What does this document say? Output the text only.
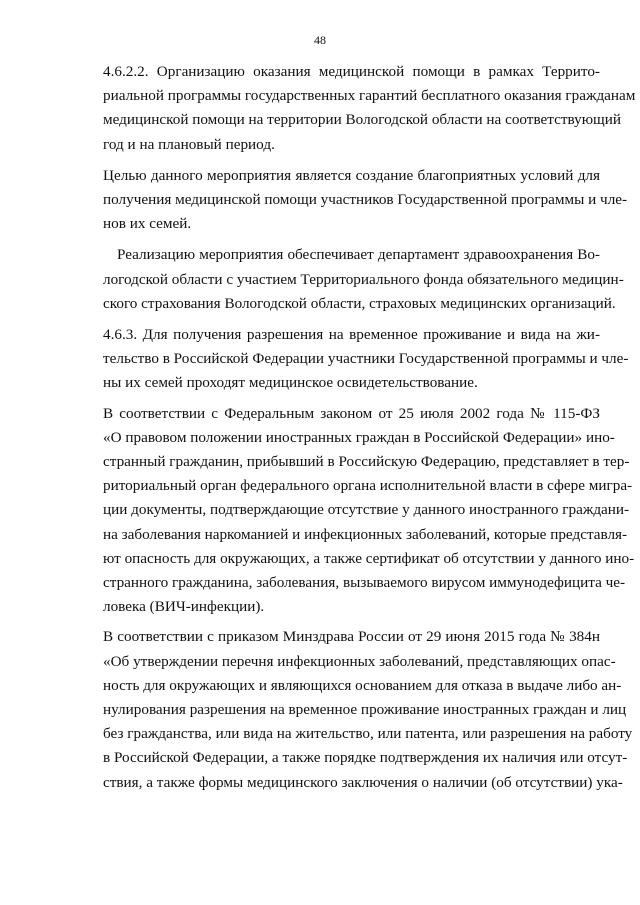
48
4.6.2.2. Организацию оказания медицинской помощи в рамках Террито-
риальной программы государственных гарантий бесплатного оказания гражданам
медицинской помощи на территории Вологодской области на соответствующий
год и на плановый период.
Целью данного мероприятия является создание благоприятных условий для
получения медицинской помощи участников Государственной программы и чле-
нов их семей.
Реализацию мероприятия обеспечивает департамент здравоохранения Во-
логодской области с участием Территориального фонда обязательного медицин-
ского страхования Вологодской области, страховых медицинских организаций.
4.6.3. Для получения разрешения на временное проживание и вида на жи-
тельство в Российской Федерации участники Государственной программы и чле-
ны их семей проходят медицинское освидетельствование.
В соответствии с Федеральным законом от 25 июля 2002 года № 115-ФЗ
«О правовом положении иностранных граждан в Российской Федерации» ино-
странный гражданин, прибывший в Российскую Федерацию, представляет в тер-
риториальный орган федерального органа исполнительной власти в сфере мигра-
ции документы, подтверждающие отсутствие у данного иностранного граждани-
на заболевания наркоманией и инфекционных заболеваний, которые представля-
ют опасность для окружающих, а также сертификат об отсутствии у данного ино-
странного гражданина, заболевания, вызываемого вирусом иммунодефицита че-
ловека (ВИЧ-инфекции).
В соответствии с приказом Минздрава России от 29 июня 2015 года № 384н
«Об утверждении перечня инфекционных заболеваний, представляющих опас-
ность для окружающих и являющихся основанием для отказа в выдаче либо ан-
нулирования разрешения на временное проживание иностранных граждан и лиц
без гражданства, или вида на жительство, или патента, или разрешения на работу
в Российской Федерации, а также порядке подтверждения их наличия или отсут-
ствия, а также формы медицинского заключения о наличии (об отсутствии) ука-
